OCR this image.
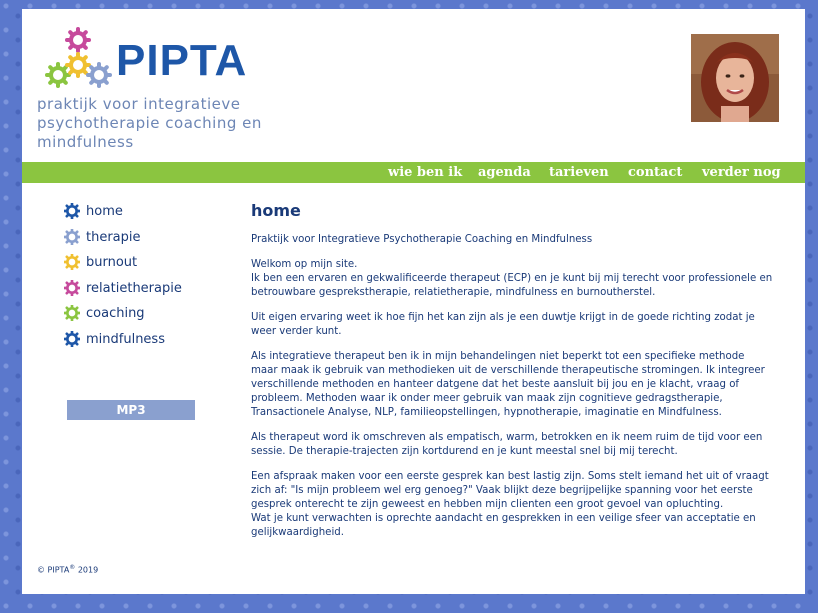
PIPTA
praktijk voor integratieve
psychotherapie coaching en
mindfulness
wie ben ik agenda tarieven contact verder nog
home
therapie
burnout
relatietherapie
coaching
mindfulness
MP3
home

Praktijk voor Integratieve Psychotherapie Coaching en Mindfulness

Welkom op mijn site.
Ik ben een ervaren en gekwalificeerde therapeut (ECP) en je kunt bij mij terecht voor professionele en betrouwbare gesprekstherapie, relatietherapie, mindfulness en burnoutherstel.

Uit eigen ervaring weet ik hoe fijn het kan zijn als je een duwtje krijgt in de goede richting zodat je weer verder kunt.

Als integratieve therapeut ben ik in mijn behandelingen niet beperkt tot een specifieke methode maar maak ik gebruik van methodieken uit de verschillende therapeutische stromingen. Ik integreer verschillende methoden en hanteer datgene dat het beste aansluit bij jou en je klacht, vraag of probleem. Methoden waar ik onder meer gebruik van maak zijn cognitieve gedragstherapie, Transactionele Analyse, NLP, familieopstellingen, hypnotherapie, imaginatie en Mindfulness.

Als therapeut word ik omschreven als empatisch, warm, betrokken en ik neem ruim de tijd voor een sessie. De therapie-trajecten zijn kortdurend en je kunt meestal snel bij mij terecht.

Een afspraak maken voor een eerste gesprek kan best lastig zijn. Soms stelt iemand het uit of vraagt zich af: "Is mijn probleem wel erg genoeg?" Vaak blijkt deze begrijpelijke spanning voor het eerste gesprek onterecht te zijn geweest en hebben mijn clienten een groot gevoel van opluchting.
Wat je kunt verwachten is oprechte aandacht en gesprekken in een veilige sfeer van acceptatie en gelijkwaardigheid.

© PIPTA® 2019
